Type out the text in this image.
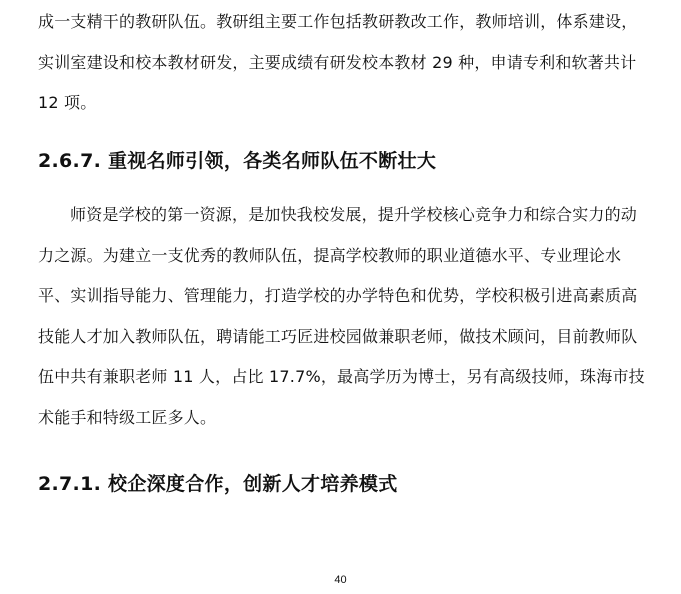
成一支精干的教研队伍。教研组主要工作包括教研教改工作，教师培训，体系建设，实训室建设和校本教材研发，主要成绩有研发校本教材 29 种，申请专利和软著共计 12 项。

2.6.7. 重视名师引领，各类名师队伍不断壮大

师资是学校的第一资源，是加快我校发展，提升学校核心竞争力和综合实力的动力之源。为建立一支优秀的教师队伍，提高学校教师的职业道德水平、专业理论水平、实训指导能力、管理能力，打造学校的办学特色和优势，学校积极引进高素质高技能人才加入教师队伍，聘请能工巧匠进校园做兼职老师，做技术顾问，目前教师队伍中共有兼职老师 11 人，占比 17.7%，最高学历为博士，另有高级技师，珠海市技术能手和特级工匠多人。

2.7.1. 校企深度合作，创新人才培养模式
40
